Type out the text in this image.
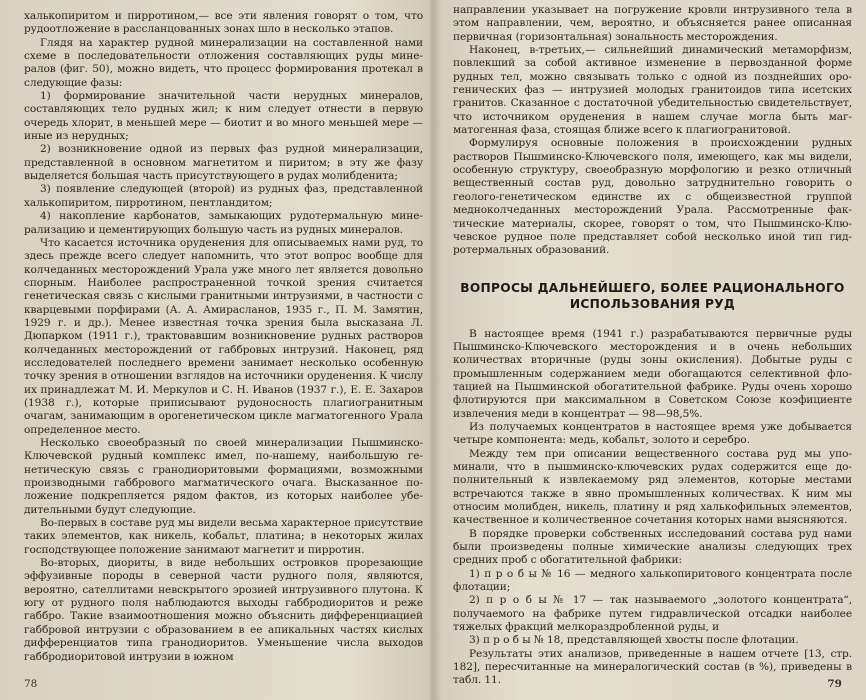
халькопиритом и пирротином,— все эти явления говорят о том, что рудоотложение в рассланцованных зонах шло в несколько этапов.

Глядя на характер рудной минерализации на составленной нами схеме в последовательности отложения составляющих руды минералов (фиг. 50), можно видеть, что процесс формирования протекал в следующие фазы:

1) формирование значительной части нерудных минералов, составляющих тело рудных жил; к ним следует отнести в первую очередь хлорит, в меньшей мере — биотит и во много меньшей мере — иные из нерудных;

2) возникновение одной из первых фаз рудной минерализации, представленной в основном магнетитом и пиритом; в эту же фазу выделяется большая часть присутствующего в рудах молибденита;

3) появление следующей (второй) из рудных фаз, представленной халькопиритом, пирротином, пентландитом;

4) накопление карбонатов, замыкающих рудотермальную минерализацию и цементирующих большую часть из рудных минералов.

Что касается источника оруденения для описываемых нами руд, то здесь прежде всего следует напомнить, что этот вопрос вообще для колчеданных месторождений Урала уже много лет является довольно спорным. Наиболее распространенной точкой зрения считается генетическая связь с кислыми гранитными интрузиями, в частности с кварцевыми порфирами (А. А. Амирасланов, 1935 г., П. М. Замятин, 1929 г. и др.). Менее известная точка зрения была высказана Л. Дюпарком (1911 г.), трактовавшим возникновение рудных растворов колчеданных месторождений от габбровых интрузий. Наконец, ряд исследователей последнего времени занимает несколько особенную точку зрения в отношении взглядов на источники оруденения. К числу их принадлежат М. И. Меркулов и С. Н. Иванов (1937 г.), Е. Е. Захаров (1938 г.), которые приписывают рудоносность плагиогранитным очагам, занимающим в орогенетическом цикле магматогенного Урала определенное место.

Несколько своеобразный по своей минерализации Пышминско-Ключевской рудный комплекс имел, по-нашему, наибольшую генетическую связь с гранодиоритовыми формациями, возможными производными габбрового магматического очага. Высказанное положение подкрепляется рядом фактов, из которых наиболее убедительными будут следующие.

Во-первых в составе руд мы видели весьма характерное присутствие таких элементов, как никель, кобальт, платина; в некоторых жилах господствующее положение занимают магнетит и пирротин.

Во-вторых, диориты, в виде небольших островков прорезающие эффузивные породы в северной части рудного поля, являются, вероятно, сателлитами невскрытого эрозией интрузивного плутона. К югу от рудного поля наблюдаются выходы габбродиоритов и реже габбро. Такие взаимоотношения можно объяснить дифференциацией габбровой интрузии с образованием в ее апикальных частях кислых дифференциатов типа гранодиоритов. Уменьшение числа выходов габбродиоритовой интрузии в южном

78

направлении указывает на погружение кровли интрузивного тела в этом направлении, чем, вероятно, и объясняется ранее описанная первичная (горизонтальная) зональность месторождения.

Наконец, в-третьих,— сильнейший динамический метаморфизм, повлекший за собой активное изменение в первозданной форме рудных тел, можно связывать только с одной из позднейших орогенических фаз — интрузией молодых гранитоидов типа исетских гранитов. Сказанное с достаточной убедительностью свидетельствует, что источником оруденения в нашем случае могла быть магматогенная фаза, стоящая ближе всего к плагиогранитовой.

Формулируя основные положения в происхождении рудных растворов Пышминско-Ключевского поля, имеющего, как мы видели, особенную структуру, своеобразную морфологию и резко отличный вещественный состав руд, довольно затруднительно говорить о геолого-генетическом единстве их с общеизвестной группой медноколчеданных месторождений Урала. Рассмотренные фактические материалы, скорее, говорят о том, что Пышминско-Ключевское рудное поле представляет собой несколько иной тип гидротермальных образований.

ВОПРОСЫ ДАЛЬНЕЙШЕГО, БОЛЕЕ РАЦИОНАЛЬНОГО
ИСПОЛЬЗОВАНИЯ РУД

В настоящее время (1941 г.) разрабатываются первичные руды Пышминско-Ключевского месторождения и в очень небольших количествах вторичные (руды зоны окисления). Добытые руды с промышленным содержанием меди обогащаются селективной флотацией на Пышминской обогатительной фабрике. Руды очень хорошо флотируются при максимальном в Советском Союзе коэфициенте извлечения меди в концентрат — 98—98,5%.

Из получаемых концентратов в настоящее время уже добывается четыре компонента: медь, кобальт, золото и серебро.

Между тем при описании вещественного состава руд мы упоминали, что в пышминско-ключевских рудах содержится еще дополнительный к извлекаемому ряд элементов, которые местами встречаются также в явно промышленных количествах. К ним мы относим молибден, никель, платину и ряд халькофильных элементов, качественное и количественное сочетания которых нами выясняются.

В порядке проверки собственных исследований состава руд нами были произведены полные химические анализы следующих трех средних проб с обогатительной фабрики:

1) п р о б ы № 16 — медного халькопиритового концентрата после флотации;

2) п р о б ы № 17 — так называемого „золотого концентрата“, получаемого на фабрике путем гидравлической отсадки наиболее тяжелых фракций мелкораздробленной руды, и

3) п р о б ы № 18, представляющей хвосты после флотации.

Результаты этих анализов, приведенные в нашем отчете [13, стр. 182], пересчитанные на минералогический состав (в %), приведены в табл. 11.	79
